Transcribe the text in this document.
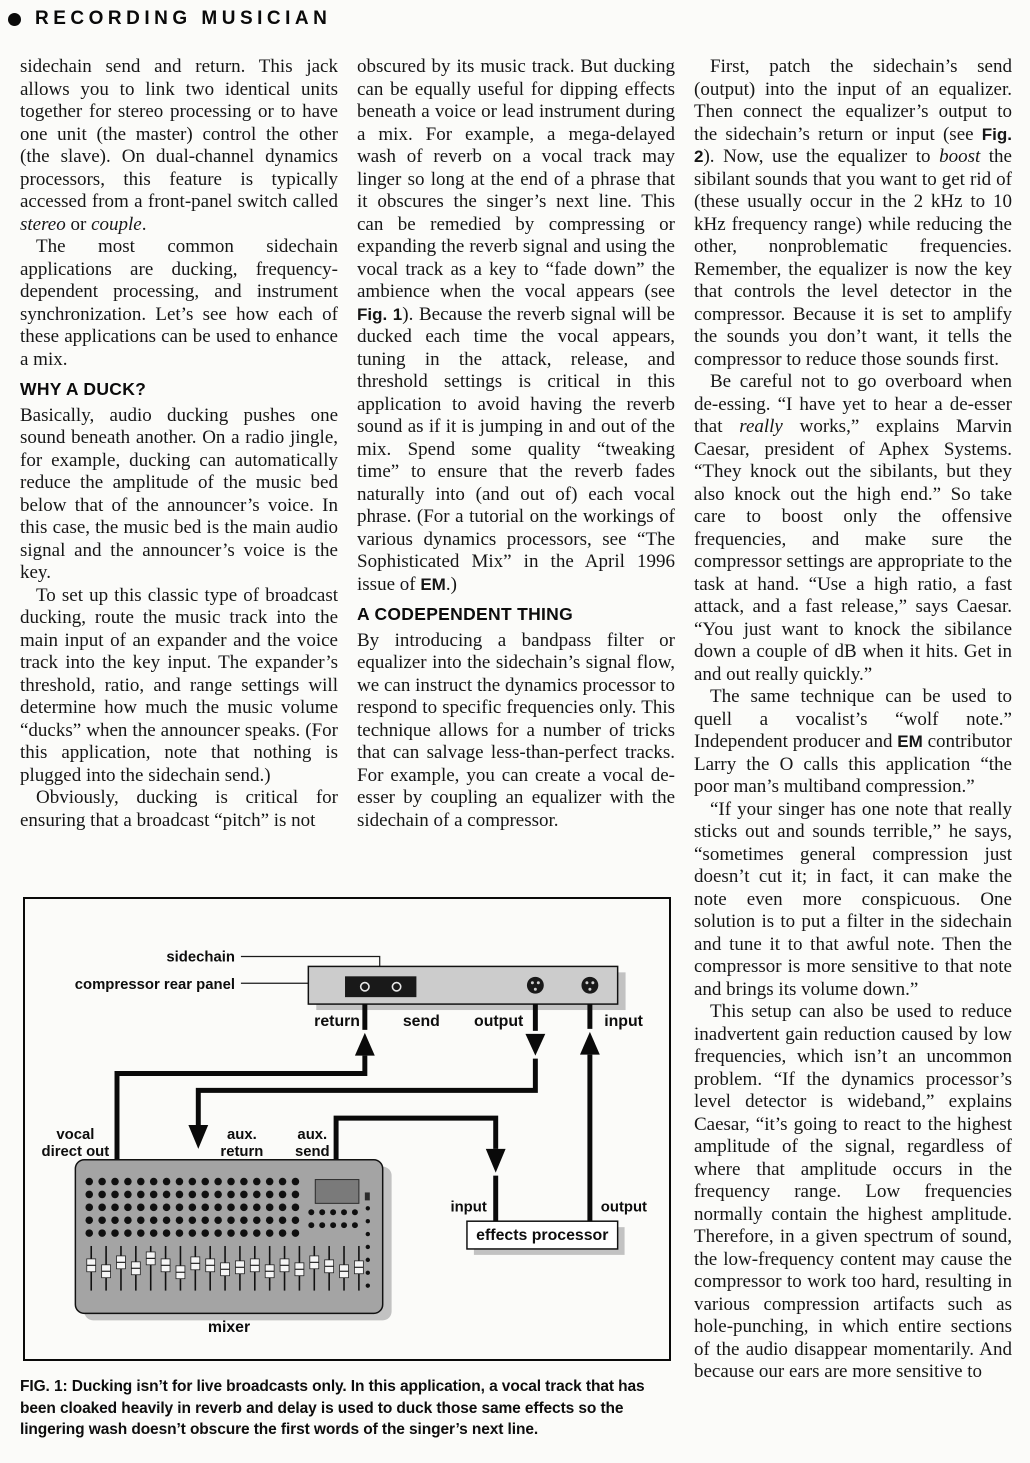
RECORDING MUSICIAN

sidechain send and return. This jack allows you to link two identical units together for stereo processing or to have one unit (the master) control the other (the slave). On dual-channel dynamics processors, this feature is typically accessed from a front-panel switch called stereo or couple.

The most common sidechain applications are ducking, frequency-dependent processing, and instrument synchronization. Let’s see how each of these applications can be used to enhance a mix.

WHY A DUCK?

Basically, audio ducking pushes one sound beneath another. On a radio jingle, for example, ducking can automatically reduce the amplitude of the music bed below that of the announcer’s voice. In this case, the music bed is the main audio signal and the announcer’s voice is the key.

To set up this classic type of broadcast ducking, route the music track into the main input of an expander and the voice track into the key input. The expander’s threshold, ratio, and range settings will determine how much the music volume “ducks” when the announcer speaks. (For this application, note that nothing is plugged into the sidechain send.)

Obviously, ducking is critical for ensuring that a broadcast “pitch” is not

obscured by its music track. But ducking can be equally useful for dipping effects beneath a voice or lead instrument during a mix. For example, a mega-delayed wash of reverb on a vocal track may linger so long at the end of a phrase that it obscures the singer’s next line. This can be remedied by compressing or expanding the reverb signal and using the vocal track as a key to “fade down” the ambience when the vocal appears (see Fig. 1). Because the reverb signal will be ducked each time the vocal appears, tuning in the attack, release, and threshold settings is critical in this application to avoid having the reverb sound as if it is jumping in and out of the mix. Spend some quality “tweaking time” to ensure that the reverb fades naturally into (and out of) each vocal phrase. (For a tutorial on the workings of various dynamics processors, see “The Sophisticated Mix” in the April 1996 issue of EM.)

A CODEPENDENT THING

By introducing a bandpass filter or equalizer into the sidechain’s signal flow, we can instruct the dynamics processor to respond to specific frequencies only. This technique allows for a number of tricks that can salvage less-than-perfect tracks. For example, you can create a vocal de-esser by coupling an equalizer with the sidechain of a compressor.

First, patch the sidechain’s send (output) into the input of an equalizer. Then connect the equalizer’s output to the sidechain’s return or input (see Fig. 2). Now, use the equalizer to boost the sibilant sounds that you want to get rid of (these usually occur in the 2 kHz to 10 kHz frequency range) while reducing the other, nonproblematic frequencies. Remember, the equalizer is now the key that controls the level detector in the compressor. Because it is set to amplify the sounds you don’t want, it tells the compressor to reduce those sounds first.

Be careful not to go overboard when de-essing. “I have yet to hear a de-esser that really works,” explains Marvin Caesar, president of Aphex Systems. “They knock out the sibilants, but they also knock out the high end.” So take care to boost only the offensive frequencies, and make sure the compressor settings are appropriate to the task at hand. “Use a high ratio, a fast attack, and a fast release,” says Caesar. “You just want to knock the sibilance down a couple of dB when it hits. Get in and out really quickly.”

The same technique can be used to quell a vocalist’s “wolf note.” Independent producer and EM contributor Larry the O calls this application “the poor man’s multiband compression.”

“If your singer has one note that really sticks out and sounds terrible,” he says, “sometimes general compression just doesn’t cut it; in fact, it can make the note even more conspicuous. One solution is to put a filter in the sidechain and tune it to that awful note. Then the compressor is more sensitive to that note and brings its volume down.”

This setup can also be used to reduce inadvertent gain reduction caused by low frequencies, which isn’t an uncommon problem. “If the dynamics processor’s level detector is wideband,” explains Caesar, “it’s going to react to the highest amplitude of the signal, regardless of where that amplitude occurs in the frequency range. Low frequencies normally contain the highest amplitude. Therefore, in a given spectrum of sound, the low-frequency content may cause the compressor to work too hard, resulting in various compression artifacts such as hole-punching, in which entire sections of the audio disappear momentarily. And because our ears are more sensitive to

sidechain
compressor rear panel
return	send output	input
vocal
direct out
aux.
return
aux.
send
mixer
effects processor
input	output
FIG. 1: Ducking isn’t for live broadcasts only. In this application, a vocal track that has been cloaked heavily in reverb and delay is used to duck those same effects so the lingering wash doesn’t obscure the first words of the singer’s next line.
